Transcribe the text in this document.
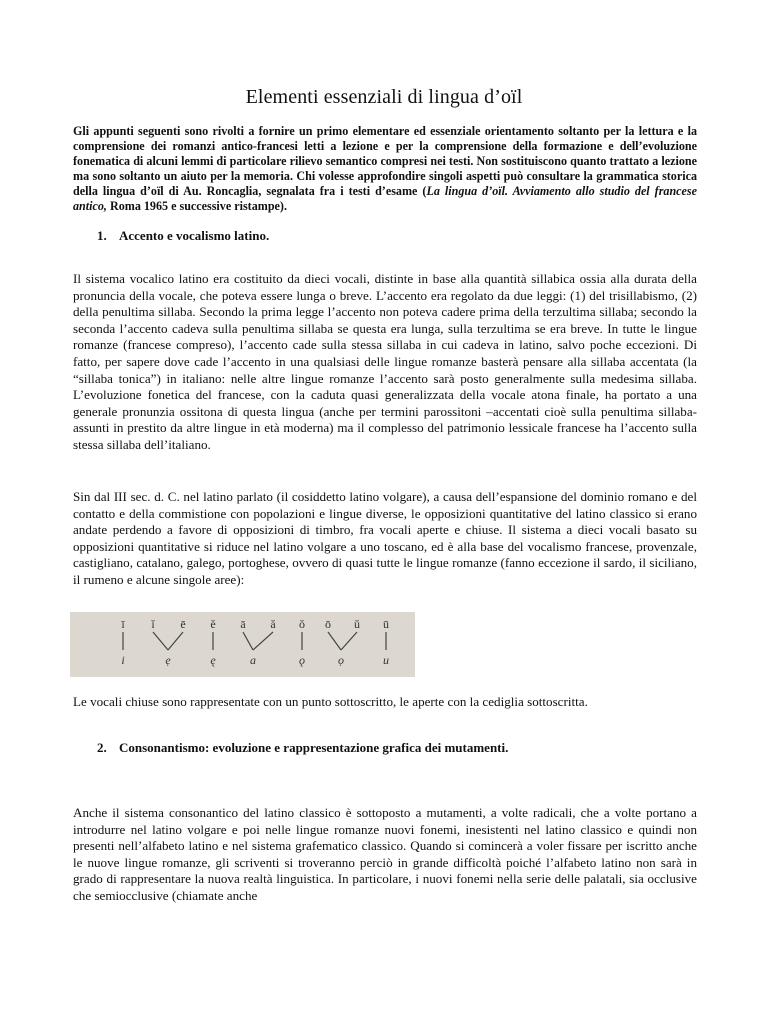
Elementi essenziali di lingua d’oïl

Gli appunti seguenti sono rivolti a fornire un primo elementare ed essenziale orientamento soltanto per la lettura e la comprensione dei romanzi antico-francesi letti a lezione e per la comprensione della formazione e dell’evoluzione fonematica di alcuni lemmi di particolare rilievo semantico compresi nei testi. Non sostituiscono quanto trattato a lezione ma sono soltanto un aiuto per la memoria. Chi volesse approfondire singoli aspetti può consultare la grammatica storica della lingua d’oïl di Au. Roncaglia, segnalata fra i testi d’esame (La lingua d’oïl. Avviamento allo studio del francese antico, Roma 1965 e successive ristampe).

1. Accento e vocalismo latino.

Il sistema vocalico latino era costituito da dieci vocali, distinte in base alla quantità sillabica ossia alla durata della pronuncia della vocale, che poteva essere lunga o breve. L’accento era regolato da due leggi: (1) del trisillabismo, (2) della penultima sillaba. Secondo la prima legge l’accento non poteva cadere prima della terzultima sillaba; secondo la seconda l’accento cadeva sulla penultima sillaba se questa era lunga, sulla terzultima se era breve. In tutte le lingue romanze (francese compreso), l’accento cade sulla stessa sillaba in cui cadeva in latino, salvo poche eccezioni. Di fatto, per sapere dove cade l’accento in una qualsiasi delle lingue romanze basterà pensare alla sillaba accentata (la “sillaba tonica”) in italiano: nelle altre lingue romanze l’accento sarà posto generalmente sulla medesima sillaba. L’evoluzione fonetica del francese, con la caduta quasi generalizzata della vocale atona finale, ha portato a una generale pronunzia ossitona di questa lingua (anche per termini parossitoni –accentati cioè sulla penultima sillaba-assunti in prestito da altre lingue in età moderna) ma il complesso del patrimonio lessicale francese ha l’accento sulla stessa sillaba dell’italiano.

Sin dal III sec. d. C. nel latino parlato (il cosiddetto latino volgare), a causa dell’espansione del dominio romano e del contatto e della commistione con popolazioni e lingue diverse, le opposizioni quantitative del latino classico si erano andate perdendo a favore di opposizioni di timbro, fra vocali aperte e chiuse. Il sistema a dieci vocali basato su opposizioni quantitative si riduce nel latino volgare a uno toscano, ed è alla base del vocalismo francese, provenzale, castigliano, catalano, galego, portoghese, ovvero di quasi tutte le lingue romanze (fanno eccezione il sardo, il siciliano, il rumeno e alcune singole aree):

ī ĭ ē ĕ ā ă ŏ ō ŭ ū
i	ẹ	ę	a	ǫ	ọ	u

Le vocali chiuse sono rappresentate con un punto sottoscritto, le aperte con la cediglia sottoscritta.

2. Consonantismo: evoluzione e rappresentazione grafica dei mutamenti.

Anche il sistema consonantico del latino classico è sottoposto a mutamenti, a volte radicali, che a volte portano a introdurre nel latino volgare e poi nelle lingue romanze nuovi fonemi, inesistenti nel latino classico e quindi non presenti nell’alfabeto latino e nel sistema grafematico classico. Quando si comincerà a voler fissare per iscritto anche le nuove lingue romanze, gli scriventi si troveranno perciò in grande difficoltà poiché l’alfabeto latino non sarà in grado di rappresentare la nuova realtà linguistica. In particolare, i nuovi fonemi nella serie delle palatali, sia occlusive che semiocclusive (chiamate anche
